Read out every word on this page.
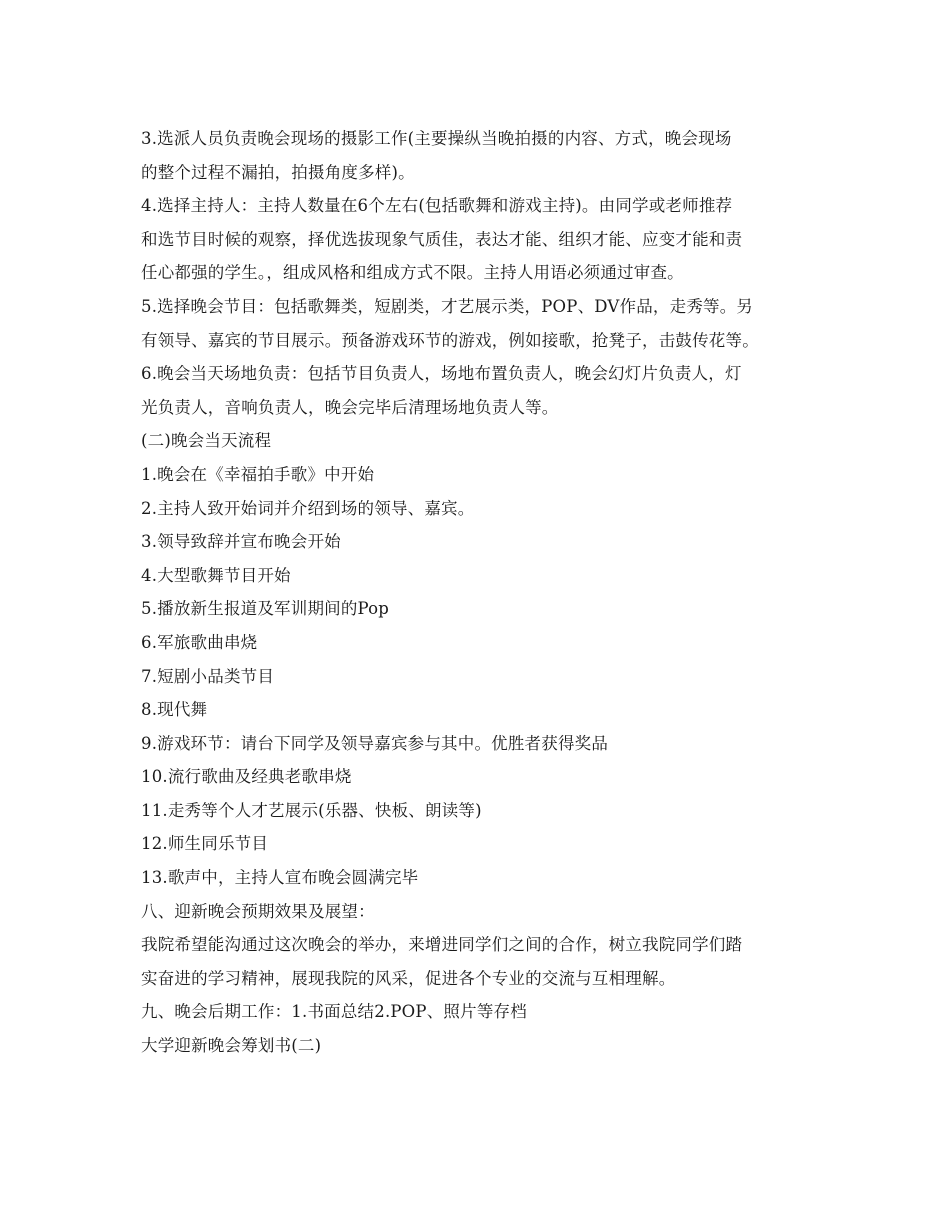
3.选派人员负责晚会现场的摄影工作(主要操纵当晚拍摄的内容、方式，晚会现场

的整个过程不漏拍，拍摄角度多样)。

4.选择主持人：主持人数量在6个左右(包括歌舞和游戏主持)。由同学或老师推荐

和选节目时候的观察，择优选拔现象气质佳，表达才能、组织才能、应变才能和责

任心都强的学生。，组成风格和组成方式不限。主持人用语必须通过审查。

5.选择晚会节目：包括歌舞类，短剧类，才艺展示类，POP、DV作品，走秀等。另

有领导、嘉宾的节目展示。预备游戏环节的游戏，例如接歌，抢凳子，击鼓传花等。

6.晚会当天场地负责：包括节目负责人，场地布置负责人，晚会幻灯片负责人，灯

光负责人，音响负责人，晚会完毕后清理场地负责人等。

(二)晚会当天流程

1.晚会在《幸福拍手歌》中开始

2.主持人致开始词并介绍到场的领导、嘉宾。

3.领导致辞并宣布晚会开始

4.大型歌舞节目开始

5.播放新生报道及军训期间的Pop

6.军旅歌曲串烧

7.短剧小品类节目

8.现代舞

9.游戏环节：请台下同学及领导嘉宾参与其中。优胜者获得奖品

10.流行歌曲及经典老歌串烧

11.走秀等个人才艺展示(乐器、快板、朗读等)

12.师生同乐节目

13.歌声中，主持人宣布晚会圆满完毕

八、迎新晚会预期效果及展望：

我院希望能沟通过这次晚会的举办，来增进同学们之间的合作，树立我院同学们踏

实奋进的学习精神，展现我院的风采，促进各个专业的交流与互相理解。

九、晚会后期工作：1.书面总结2.POP、照片等存档

大学迎新晚会筹划书(二)
